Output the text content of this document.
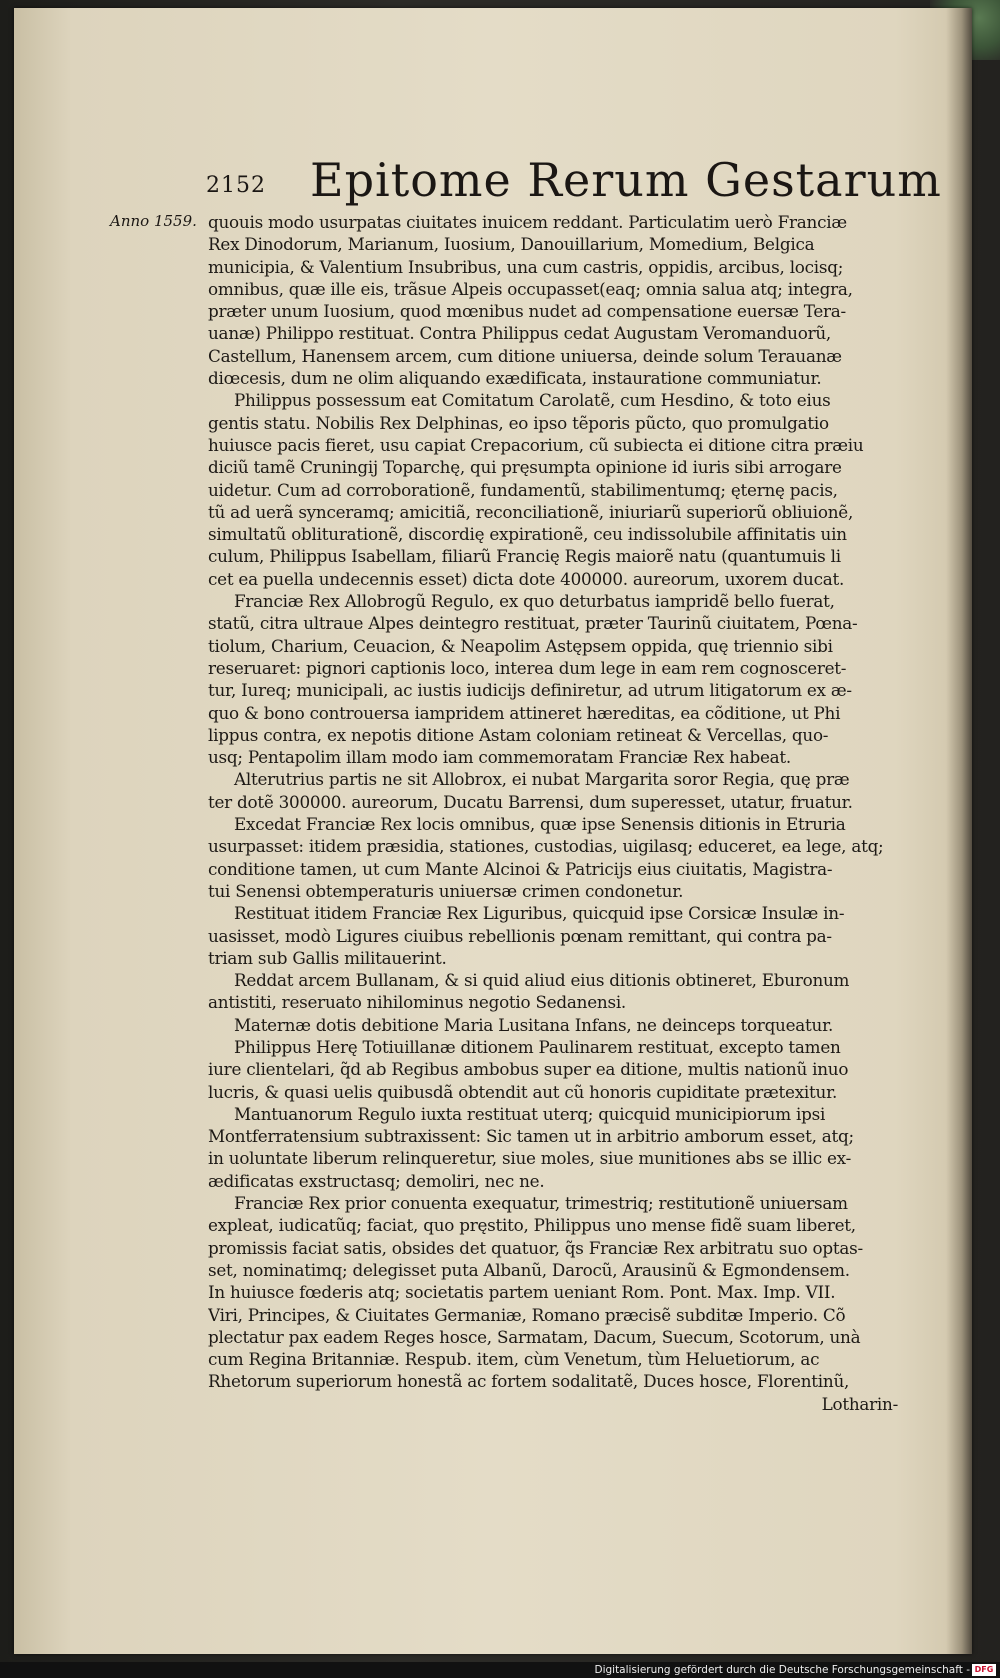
2152 Epitome Rerum Gestarum
Anno 1559. quouis modo usurpatas ciuitates inuicem reddant. Particulatim uerò Franciæ
Rex Dinodorum, Marianum, Iuosium, Danouillarium, Momedium, Belgica
municipia, & Valentium Insubribus, una cum castris, oppidis, arcibus, locisq;
omnibus, quæ ille eis, trãsue Alpeis occupasset(eaq; omnia salua atq; integra,
præter unum Iuosium, quod mœnibus nudet ad compensatione euersæ Tera-
uanæ) Philippo restituat. Contra Philippus cedat Augustam Veromanduorũ,
Castellum, Hanensem arcem, cum ditione uniuersa, deinde solum Terauanæ
diœcesis, dum ne olim aliquando exædificata, instauratione communiatur.
Philippus possessum eat Comitatum Carolatẽ, cum Hesdino, & toto eius
gentis statu. Nobilis Rex Delphinas, eo ipso tẽporis pũcto, quo promulgatio
huiusce pacis fieret, usu capiat Crepacorium, cũ subiecta ei ditione citra præiu
diciũ tamẽ Cruningij Toparchę, qui pręsumpta opinione id iuris sibi arrogare
uidetur. Cum ad corroborationẽ, fundamentũ, stabilimentumq; ęternę pacis,
tũ ad uerã synceramq; amicitiã, reconciliationẽ, iniuriarũ superiorũ obliuionẽ,
simultatũ obliturationẽ, discordię expirationẽ, ceu indissolubile affinitatis uin
culum, Philippus Isabellam, filiarũ Francię Regis maiorẽ natu (quantumuis li
cet ea puella undecennis esset) dicta dote 400000. aureorum, uxorem ducat.
Franciæ Rex Allobrogũ Regulo, ex quo deturbatus iampridẽ bello fuerat,
statũ, citra ultraue Alpes deintegro restituat, præter Taurinũ ciuitatem, Pœna-
tiolum, Charium, Ceuacion, & Neapolim Astępsem oppida, quę triennio sibi
reseruaret: pignori captionis loco, interea dum lege in eam rem cognosceret-
tur, Iureq; municipali, ac iustis iudicijs definiretur, ad utrum litigatorum ex æ-
quo & bono controuersa iampridem attineret hæreditas, ea cõditione, ut Phi
lippus contra, ex nepotis ditione Astam coloniam retineat & Vercellas, quo-
usq; Pentapolim illam modo iam commemoratam Franciæ Rex habeat.
Alterutrius partis ne sit Allobrox, ei nubat Margarita soror Regia, quę præ
ter dotẽ 300000. aureorum, Ducatu Barrensi, dum superesset, utatur, fruatur.
Excedat Franciæ Rex locis omnibus, quæ ipse Senensis ditionis in Etruria
usurpasset: itidem præsidia, stationes, custodias, uigilasq; educeret, ea lege, atq;
conditione tamen, ut cum Mante Alcinoi & Patricijs eius ciuitatis, Magistra-
tui Senensi obtemperaturis uniuersæ crimen condonetur.
Restituat itidem Franciæ Rex Liguribus, quicquid ipse Corsicæ Insulæ in-
uasisset, modò Ligures ciuibus rebellionis pœnam remittant, qui contra pa-
triam sub Gallis militauerint.
Reddat arcem Bullanam, & si quid aliud eius ditionis obtineret, Eburonum
antistiti, reseruato nihilominus negotio Sedanensi.
Maternæ dotis debitione Maria Lusitana Infans, ne deinceps torqueatur.
Philippus Herę Totiuillanæ ditionem Paulinarem restituat, excepto tamen
iure clientelari, q̃d ab Regibus ambobus super ea ditione, multis nationũ inuo
lucris, & quasi uelis quibusdã obtendit aut cũ honoris cupiditate prætexitur.
Mantuanorum Regulo iuxta restituat uterq; quicquid municipiorum ipsi
Montferratensium subtraxissent: Sic tamen ut in arbitrio amborum esset, atq;
in uoluntate liberum relinqueretur, siue moles, siue munitiones abs se illic ex-
ædificatas exstructasq; demoliri, nec ne.
Franciæ Rex prior conuenta exequatur, trimestriq; restitutionẽ uniuersam
expleat, iudicatũq; faciat, quo pręstito, Philippus uno mense fidẽ suam liberet,
promissis faciat satis, obsides det quatuor, q̃s Franciæ Rex arbitratu suo optas-
set, nominatimq; delegisset puta Albanũ, Darocũ, Arausinũ & Egmondensem.
In huiusce fœderis atq; societatis partem ueniant Rom. Pont. Max. Imp. VII.
Viri, Principes, & Ciuitates Germaniæ, Romano præcisẽ subditæ Imperio. Cõ
plectatur pax eadem Reges hosce, Sarmatam, Dacum, Suecum, Scotorum, unà
cum Regina Britanniæ. Respub. item, cùm Venetum, tùm Heluetiorum, ac
Rhetorum superiorum honestã ac fortem sodalitatẽ, Duces hosce, Florentinũ,
Lotharin-
Digitalisierung gefördert durch die Deutsche Forschungsgemeinschaft - DFG
